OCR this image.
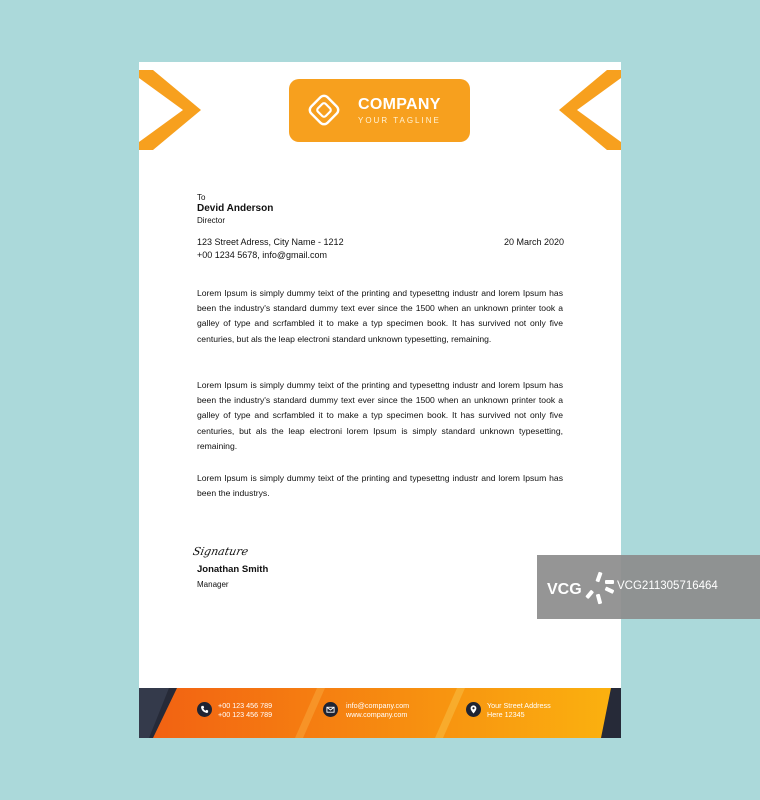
COMPANY
YOUR TAGLINE
To
Devid Anderson
Director
123 Street Adress, City Name - 1212
+00 1234 5678, info@gmail.com
20 March 2020

Lorem Ipsum is simply dummy teixt of the printing and typesettng industr and lorem Ipsum has been the industry's standard dummy text ever since the 1500 when an unknown printer took a galley of type and scrfambled it to make a typ specimen book. It has survived not only five centuries, but als the leap electroni standard unknown typesetting, remaining.

Lorem Ipsum is simply dummy teixt of the printing and typesettng industr and lorem Ipsum has been the industry's standard dummy text ever since the 1500 when an unknown printer took a galley of type and scrfambled it to make a typ specimen book. It has survived not only five centuries, but als the leap electroni lorem Ipsum is simply standard unknown typesetting, remaining.

Lorem Ipsum is simply dummy teixt of the printing and typesettng industr and lorem Ipsum has been the industrys.

Signature
Jonathan Smith
Manager
+00 123 456 789
+00 123 456 789
info@company.com
www.company.com
Your Street Address
Here 12345
VCG	VCG211305716464
